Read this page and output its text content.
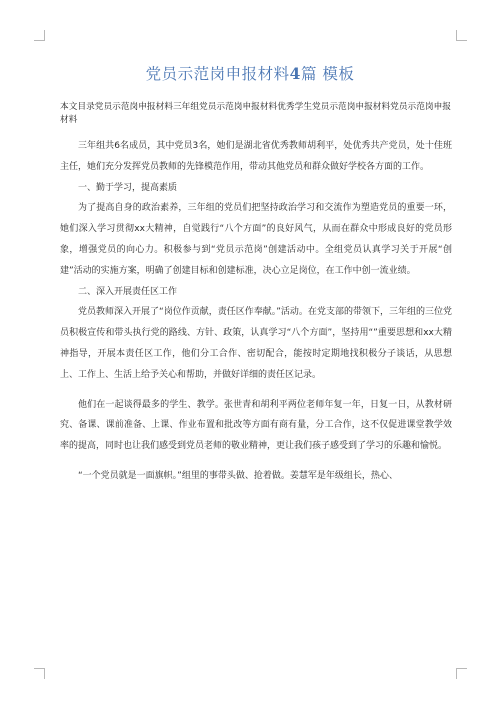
党员示范岗申报材料4篇 模板
本文目录党员示范岗申报材料三年组党员示范岗申报材料优秀学生党员示范岗申报材料党员示范岗申报材料

三年组共6名成员，其中党员3名，她们是湖北省优秀教师胡利平，处优秀共产党员，处十佳班主任，她们充分发挥党员教师的先锋模范作用，带动其他党员和群众做好学校各方面的工作。

一、勤于学习，提高素质

为了提高自身的政治素养，三年组的党员们把坚持政治学习和交流作为塑造党员的重要一环，她们深入学习贯彻xx大精神，自觉践行“八个方面”的良好风气，从而在群众中形成良好的党员形象，增强党员的向心力。积极参与到“党员示范岗”创建活动中。全组党员认真学习关于开展“创建”活动的实施方案，明确了创建目标和创建标准，决心立足岗位，在工作中创一流业绩。

二、深入开展责任区工作

党员教师深入开展了“岗位作贡献，责任区作奉献。”活动。在党支部的带领下，三年组的三位党员积极宣传和带头执行党的路线、方针、政策，认真学习“八个方面”，坚持用“”重要思想和xx大精神指导，开展本责任区工作，他们分工合作、密切配合，能按时定期地找积极分子谈话，从思想上、工作上、生活上给予关心和帮助，并做好详细的责任区记录。

他们在一起谈得最多的学生、教学。张世青和胡利平两位老师年复一年，日复一日，从教材研究、备课、课前准备、上课、作业布置和批改等方面有商有量，分工合作，这不仅促进课堂教学效率的提高，同时也让我们感受到党员老师的敬业精神，更让我们孩子感受到了学习的乐趣和愉悦。

“一个党员就是一面旗帜。”组里的事带头做、抢着做。姜慧军是年级组长，热心、
